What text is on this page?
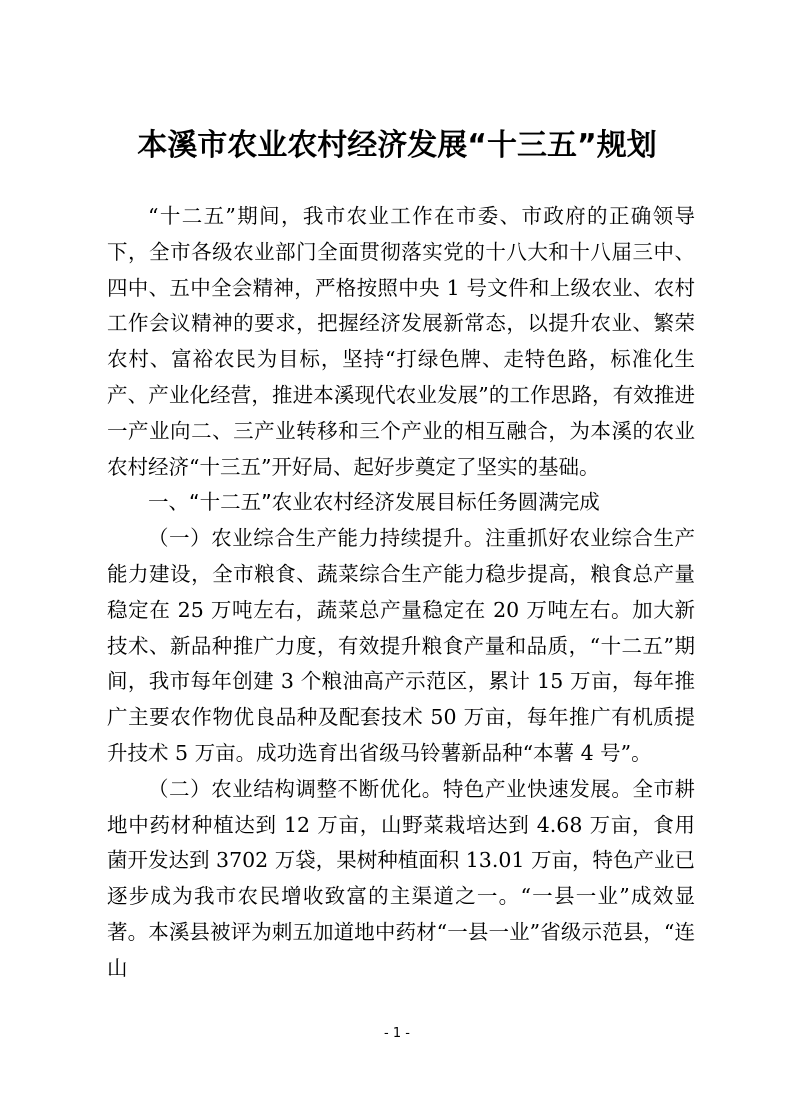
本溪市农业农村经济发展“十三五”规划

“十二五”期间，我市农业工作在市委、市政府的正确领导下，全市各级农业部门全面贯彻落实党的十八大和十八届三中、四中、五中全会精神，严格按照中央 1 号文件和上级农业、农村工作会议精神的要求，把握经济发展新常态，以提升农业、繁荣农村、富裕农民为目标，坚持“打绿色牌、走特色路，标准化生产、产业化经营，推进本溪现代农业发展”的工作思路，有效推进一产业向二、三产业转移和三个产业的相互融合，为本溪的农业农村经济“十三五”开好局、起好步奠定了坚实的基础。

一、“十二五”农业农村经济发展目标任务圆满完成

（一）农业综合生产能力持续提升。注重抓好农业综合生产能力建设，全市粮食、蔬菜综合生产能力稳步提高，粮食总产量稳定在 25 万吨左右，蔬菜总产量稳定在 20 万吨左右。加大新技术、新品种推广力度，有效提升粮食产量和品质，“十二五”期间，我市每年创建 3 个粮油高产示范区，累计 15 万亩，每年推广主要农作物优良品种及配套技术 50 万亩，每年推广有机质提升技术 5 万亩。成功选育出省级马铃薯新品种“本薯 4 号”。

（二）农业结构调整不断优化。特色产业快速发展。全市耕地中药材种植达到 12 万亩，山野菜栽培达到 4.68 万亩，食用菌开发达到 3702 万袋，果树种植面积 13.01 万亩，特色产业已逐步成为我市农民增收致富的主渠道之一。“一县一业”成效显著。本溪县被评为刺五加道地中药材“一县一业”省级示范县，“连山

- 1 -
